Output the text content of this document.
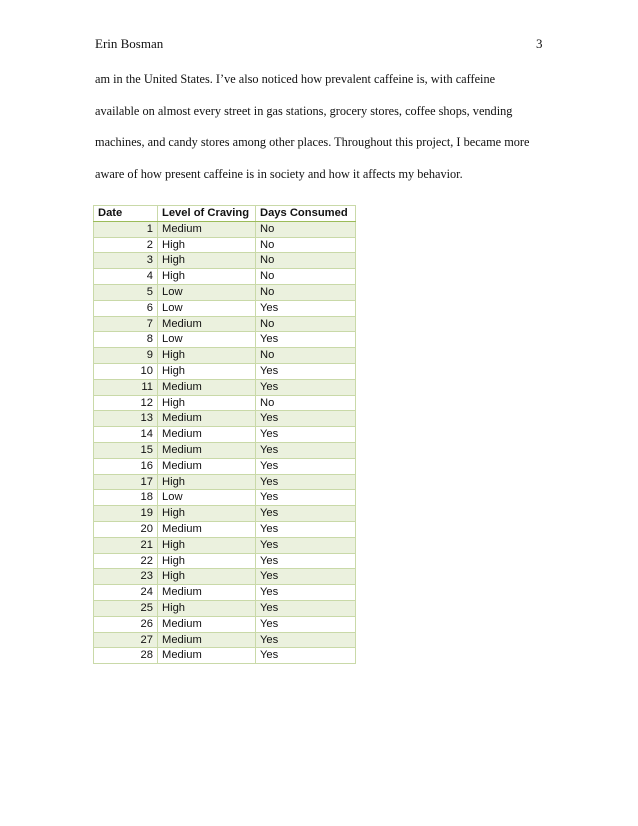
Erin Bosman	3
am in the United States. I’ve also noticed how prevalent caffeine is, with caffeine
available on almost every street in gas stations, grocery stores, coffee shops, vending
machines, and candy stores among other places. Throughout this project, I became more
aware of how present caffeine is in society and how it affects my behavior.
Date	Level of Craving	Days Consumed
1	Medium	No
2	High	No
3	High	No
4	High	No
5	Low	No
6	Low	Yes
7	Medium	No
8	Low	Yes
9	High	No
10	High	Yes
11	Medium	Yes
12	High	No
13	Medium	Yes
14	Medium	Yes
15	Medium	Yes
16	Medium	Yes
17	High	Yes
18	Low	Yes
19	High	Yes
20	Medium	Yes
21	High	Yes
22	High	Yes
23	High	Yes
24	Medium	Yes
25	High	Yes
26	Medium	Yes
27	Medium	Yes
28	Medium	Yes
